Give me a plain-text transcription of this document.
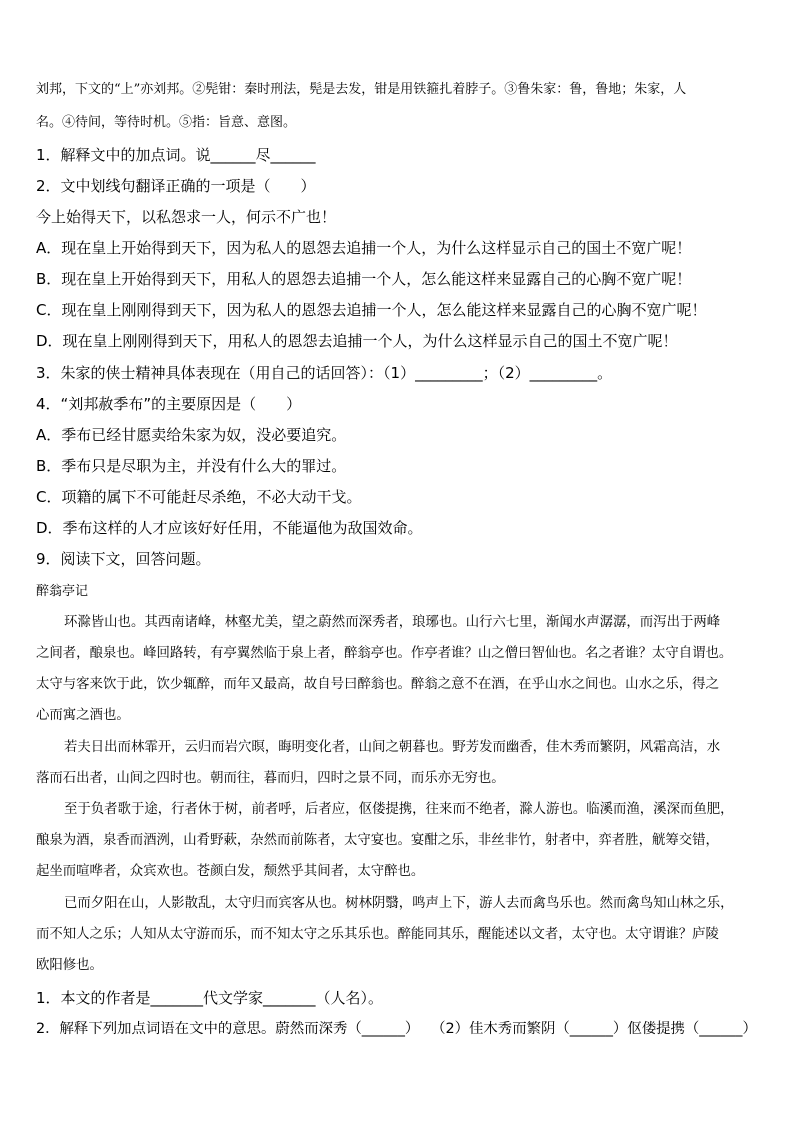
刘邦，下文的“上”亦刘邦。②髡钳：秦时刑法，髡是去发，钳是用铁箍扎着脖子。③鲁朱家：鲁，鲁地；朱家，人
名。④待间，等待时机。⑤指：旨意、意图。
1．解释文中的加点词。说______尽______
2．文中划线句翻译正确的一项是（　　）
今上始得天下，以私怨求一人，何示不广也！
A．现在皇上开始得到天下，因为私人的恩怨去追捕一个人，为什么这样显示自己的国土不宽广呢！
B．现在皇上开始得到天下，用私人的恩怨去追捕一个人，怎么能这样来显露自己的心胸不宽广呢！
C．现在皇上刚刚得到天下，因为私人的恩怨去追捕一个人，怎么能这样来显露自己的心胸不宽广呢！
D．现在皇上刚刚得到天下，用私人的恩怨去追捕一个人，为什么这样显示自己的国土不宽广呢！
3．朱家的侠士精神具体表现在（用自己的话回答）：（1）_________；（2）_________。
4．“刘邦赦季布”的主要原因是（　　）
A．季布已经甘愿卖给朱家为奴，没必要追究。
B．季布只是尽职为主，并没有什么大的罪过。
C．项籍的属下不可能赶尽杀绝，不必大动干戈。
D．季布这样的人才应该好好任用，不能逼他为敌国效命。
9．阅读下文，回答问题。
醉翁亭记
环滁皆山也。其西南诸峰，林壑尤美，望之蔚然而深秀者，琅琊也。山行六七里，渐闻水声潺潺，而泻出于两峰
之间者，酿泉也。峰回路转，有亭翼然临于泉上者，醉翁亭也。作亭者谁？山之僧曰智仙也。名之者谁？太守自谓也。
太守与客来饮于此，饮少辄醉，而年又最高，故自号曰醉翁也。醉翁之意不在酒，在乎山水之间也。山水之乐，得之
心而寓之酒也。
若夫日出而林霏开，云归而岩穴暝，晦明变化者，山间之朝暮也。野芳发而幽香，佳木秀而繁阴，风霜高洁，水
落而石出者，山间之四时也。朝而往，暮而归，四时之景不同，而乐亦无穷也。
至于负者歌于途，行者休于树，前者呼，后者应，伛偻提携，往来而不绝者，滁人游也。临溪而渔，溪深而鱼肥，
酿泉为酒，泉香而酒洌，山肴野蔌，杂然而前陈者，太守宴也。宴酣之乐，非丝非竹，射者中，弈者胜，觥筹交错，
起坐而喧哗者，众宾欢也。苍颜白发，颓然乎其间者，太守醉也。
已而夕阳在山，人影散乱，太守归而宾客从也。树林阴翳，鸣声上下，游人去而禽鸟乐也。然而禽鸟知山林之乐，
而不知人之乐；人知从太守游而乐，而不知太守之乐其乐也。醉能同其乐，醒能述以文者，太守也。太守谓谁？庐陵
欧阳修也。
1．本文的作者是_______代文学家_______（人名）。
2．解释下列加点词语在文中的意思。蔚然而深秀（______）　 （2）佳木秀而繁阴（______）伛偻提携（______）
